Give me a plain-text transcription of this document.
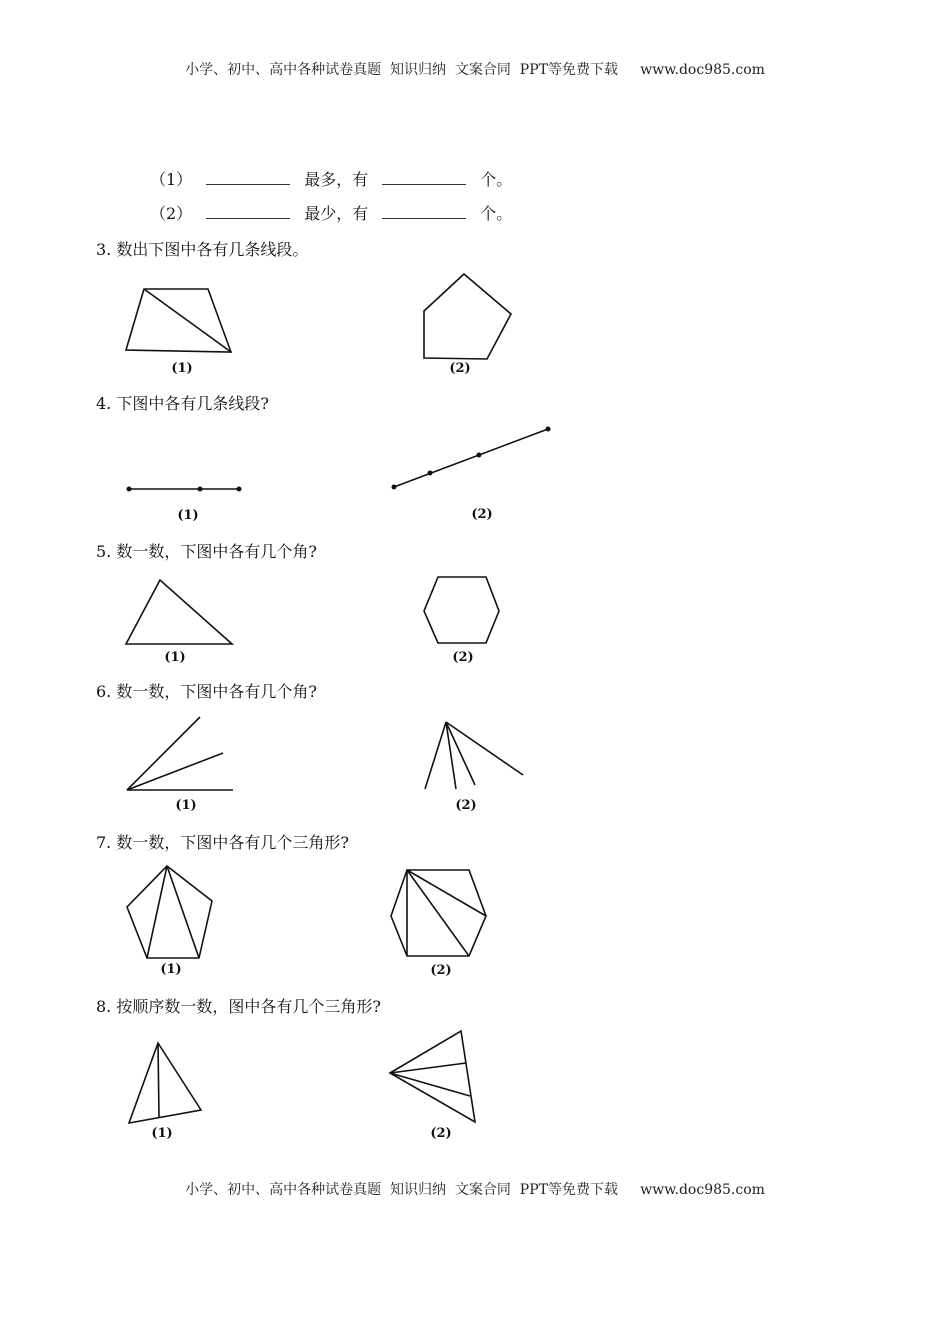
小学、初中、高中各种试卷真题  知识归纳  文案合同  PPT等免费下载 www.doc985.com
（1）	最多，有	个。
（2）	最少，有	个。
3. 数出下图中各有几条线段。
4. 下图中各有几条线段?
5. 数一数，下图中各有几个角?
6. 数一数，下图中各有几个角?
7. 数一数，下图中各有几个三角形?
8. 按顺序数一数，图中各有几个三角形?
(1)	(2)
(1)	(2)
(1)	(2)
(1)	(2)
(1)	(2)
(1)	(2)
小学、初中、高中各种试卷真题  知识归纳  文案合同  PPT等免费下载 www.doc985.com
